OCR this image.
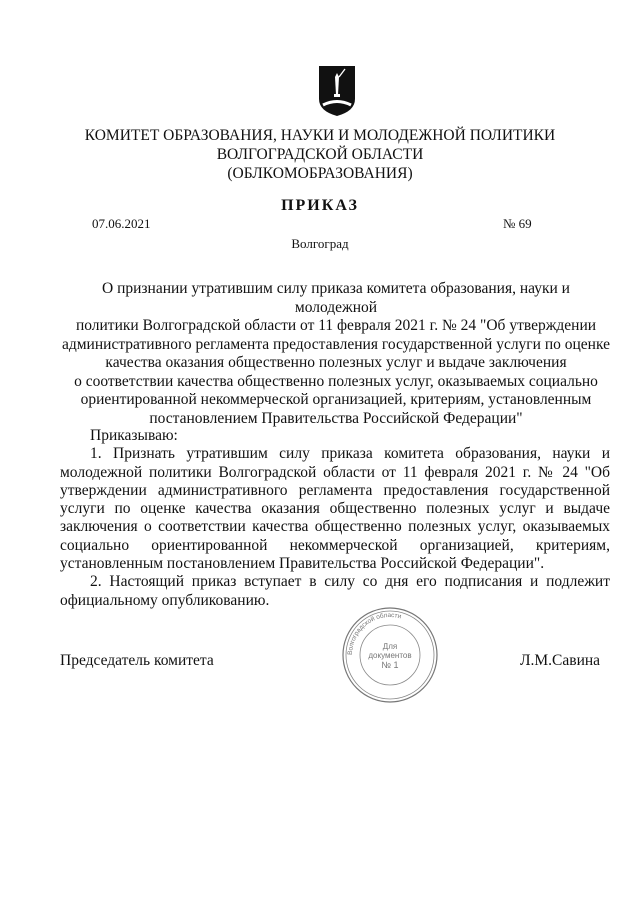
КОМИТЕТ ОБРАЗОВАНИЯ, НАУКИ И МОЛОДЕЖНОЙ ПОЛИТИКИ
ВОЛГОГРАДСКОЙ ОБЛАСТИ
(ОБЛКОМОБРАЗОВАНИЯ)
ПРИКАЗ
07.06.2021	№ 69
Волгоград
О признании утратившим силу приказа комитета образования, науки и молодежной
политики Волгоградской области от 11 февраля 2021 г. № 24 "Об утверждении
административного регламента предоставления государственной услуги по оценке
качества оказания общественно полезных услуг и выдаче заключения
о соответствии качества общественно полезных услуг, оказываемых социально
ориентированной некоммерческой организацией, критериям, установленным
постановлением Правительства Российской Федерации"

Приказываю:

1. Признать утратившим силу приказа комитета образования, науки и молодежной политики Волгоградской области от 11 февраля 2021 г. № 24 "Об утверждении административного регламента предоставления государственной услуги по оценке качества оказания общественно полезных услуг и выдаче заключения о соответствии качества общественно полезных услуг, оказываемых социально ориентированной некоммерческой организацией, критериям, установленным постановлением Правительства Российской Федерации".

2. Настоящий приказ вступает в силу со дня его подписания и подлежит официальному опубликованию.

Председатель комитета	Л.М.Савина
Волгоградской области
Для
документов
№ 1
